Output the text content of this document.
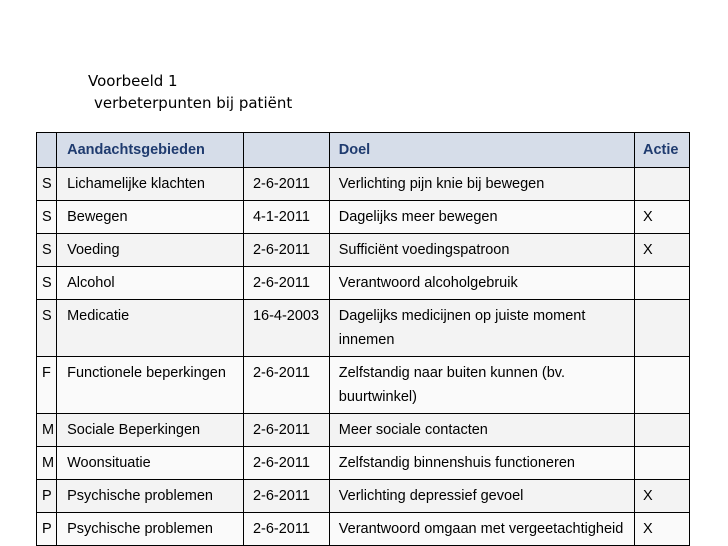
Voorbeeld 1
verbeterpunten bij patiënt
	Aandachtsgebieden		Doel	Actie
S	Lichamelijke klachten	2-6-2011	Verlichting pijn knie bij bewegen	
S	Bewegen	4-1-2011	Dagelijks meer bewegen	X
S	Voeding	2-6-2011	Sufficiënt voedingspatroon	X
S	Alcohol	2-6-2011	Verantwoord alcoholgebruik	
S	Medicatie	16-4-2003	Dagelijks medicijnen op juiste moment innemen	
F	Functionele beperkingen	2-6-2011	Zelfstandig naar buiten kunnen (bv. buurtwinkel)	
M	Sociale Beperkingen	2-6-2011	Meer sociale contacten	
M	Woonsituatie	2-6-2011	Zelfstandig binnenshuis functioneren	
P	Psychische problemen	2-6-2011	Verlichting depressief gevoel	X
P	Psychische problemen	2-6-2011	Verantwoord omgaan met vergeetachtigheid	X
